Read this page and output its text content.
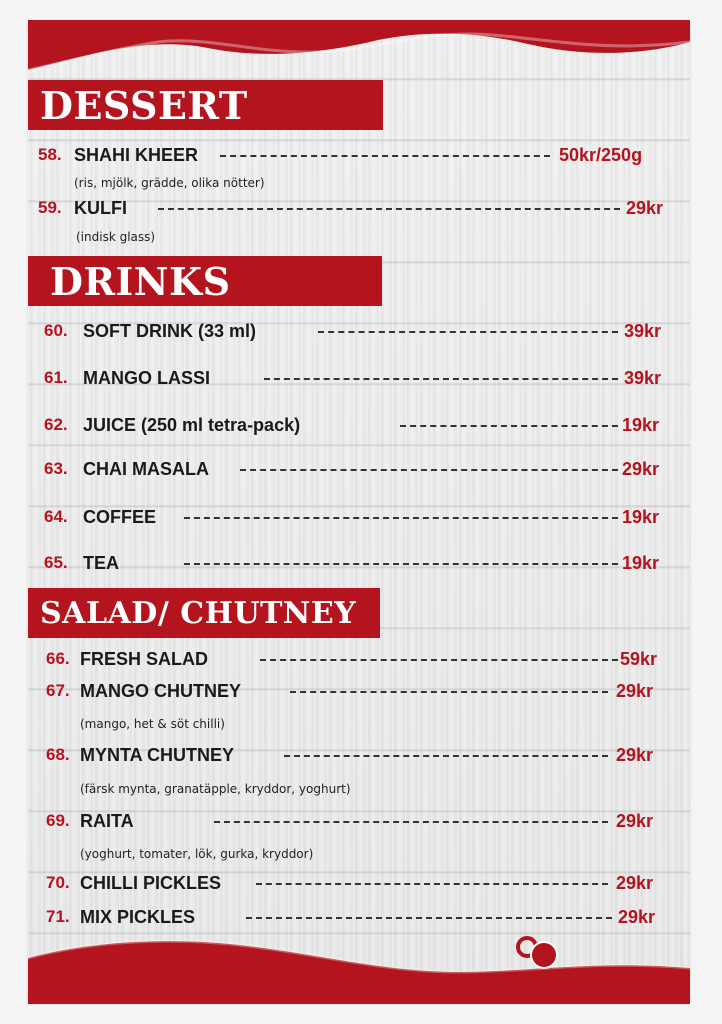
DESSERT
58. SHAHI KHEER	50kr/250g
(ris, mjölk, grädde, olika nötter)
59. KULFI	29kr
(indisk glass)
DRINKS
60. SOFT DRINK (33 ml)	39kr
61. MANGO LASSI	39kr
62. JUICE (250 ml tetra-pack)	19kr
63. CHAI MASALA	29kr
64. COFFEE	19kr
65. TEA	19kr
SALAD/ CHUTNEY
66. FRESH SALAD	59kr
67. MANGO CHUTNEY	29kr
(mango, het & söt chilli)
68. MYNTA CHUTNEY	29kr
(färsk mynta, granatäpple, kryddor, yoghurt)
69. RAITA	29kr
(yoghurt, tomater, lök, gurka, kryddor)
70. CHILLI PICKLES	29kr
71. MIX PICKLES	29kr
